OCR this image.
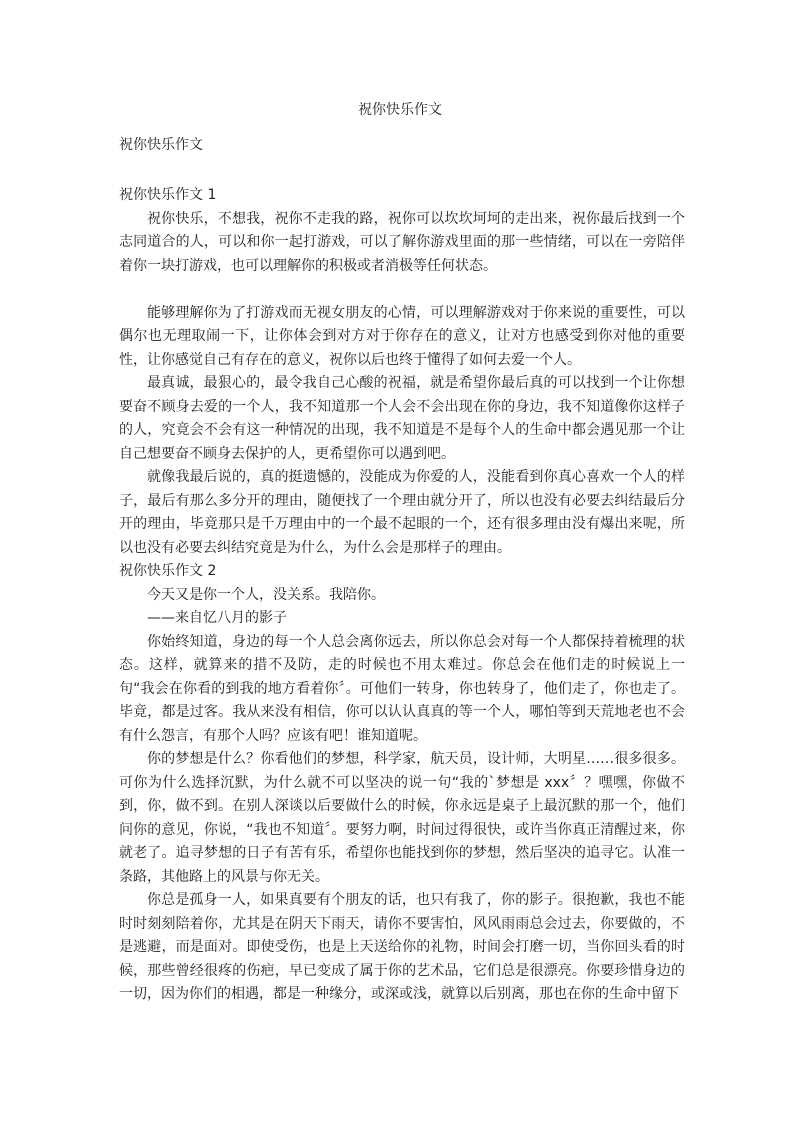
祝你快乐作文

祝你快乐作文

祝你快乐作文 1

祝你快乐，不想我，祝你不走我的路，祝你可以坎坎坷坷的走出来，祝你最后找到一个志同道合的人，可以和你一起打游戏，可以了解你游戏里面的那一些情绪，可以在一旁陪伴着你一块打游戏，也可以理解你的积极或者消极等任何状态。

能够理解你为了打游戏而无视女朋友的心情，可以理解游戏对于你来说的重要性，可以偶尔也无理取闹一下，让你体会到对方对于你存在的意义，让对方也感受到你对他的重要性，让你感觉自己有存在的意义，祝你以后也终于懂得了如何去爱一个人。

最真诚，最狠心的，最令我自己心酸的祝福，就是希望你最后真的可以找到一个让你想要奋不顾身去爱的一个人，我不知道那一个人会不会出现在你的身边，我不知道像你这样子的人，究竟会不会有这一种情况的出现，我不知道是不是每个人的生命中都会遇见那一个让自己想要奋不顾身去保护的人，更希望你可以遇到吧。

就像我最后说的，真的挺遗憾的，没能成为你爱的人，没能看到你真心喜欢一个人的样子，最后有那么多分开的理由，随便找了一个理由就分开了，所以也没有必要去纠结最后分开的理由，毕竟那只是千万理由中的一个最不起眼的一个，还有很多理由没有爆出来呢，所以也没有必要去纠结究竟是为什么，为什么会是那样子的理由。

祝你快乐作文 2

今天又是你一个人，没关系。我陪你。

——来自忆八月的影子

你始终知道，身边的每一个人总会离你远去，所以你总会对每一个人都保持着梳理的状态。这样，就算来的措不及防，走的时候也不用太难过。你总会在他们走的时候说上一句“我会在你看的到我的地方看着你〞。可他们一转身，你也转身了，他们走了，你也走了。毕竟，都是过客。我从来没有相信，你可以认认真真的等一个人，哪怕等到天荒地老也不会有什么怨言，有那个人吗？应该有吧！谁知道呢。

你的梦想是什么？你看他们的梦想，科学家，航天员，设计师，大明星……很多很多。可你为什么选择沉默，为什么就不可以坚决的说一句“我的`梦想是 xxx〞？嘿嘿，你做不到，你，做不到。在别人深谈以后要做什么的时候，你永远是桌子上最沉默的那一个，他们问你的意见，你说，“我也不知道〞。要努力啊，时间过得很快，或许当你真正清醒过来，你就老了。追寻梦想的日子有苦有乐，希望你也能找到你的梦想，然后坚决的追寻它。认准一条路，其他路上的风景与你无关。

你总是孤身一人，如果真要有个朋友的话，也只有我了，你的影子。很抱歉，我也不能时时刻刻陪着你，尤其是在阴天下雨天，请你不要害怕，风风雨雨总会过去，你要做的，不是逃避，而是面对。即使受伤，也是上天送给你的礼物，时间会打磨一切，当你回头看的时候，那些曾经很疼的伤疤，早已变成了属于你的艺术品，它们总是很漂亮。你要珍惜身边的一切，因为你们的相遇，都是一种缘分，或深或浅，就算以后别离，那也在你的生命中留下
